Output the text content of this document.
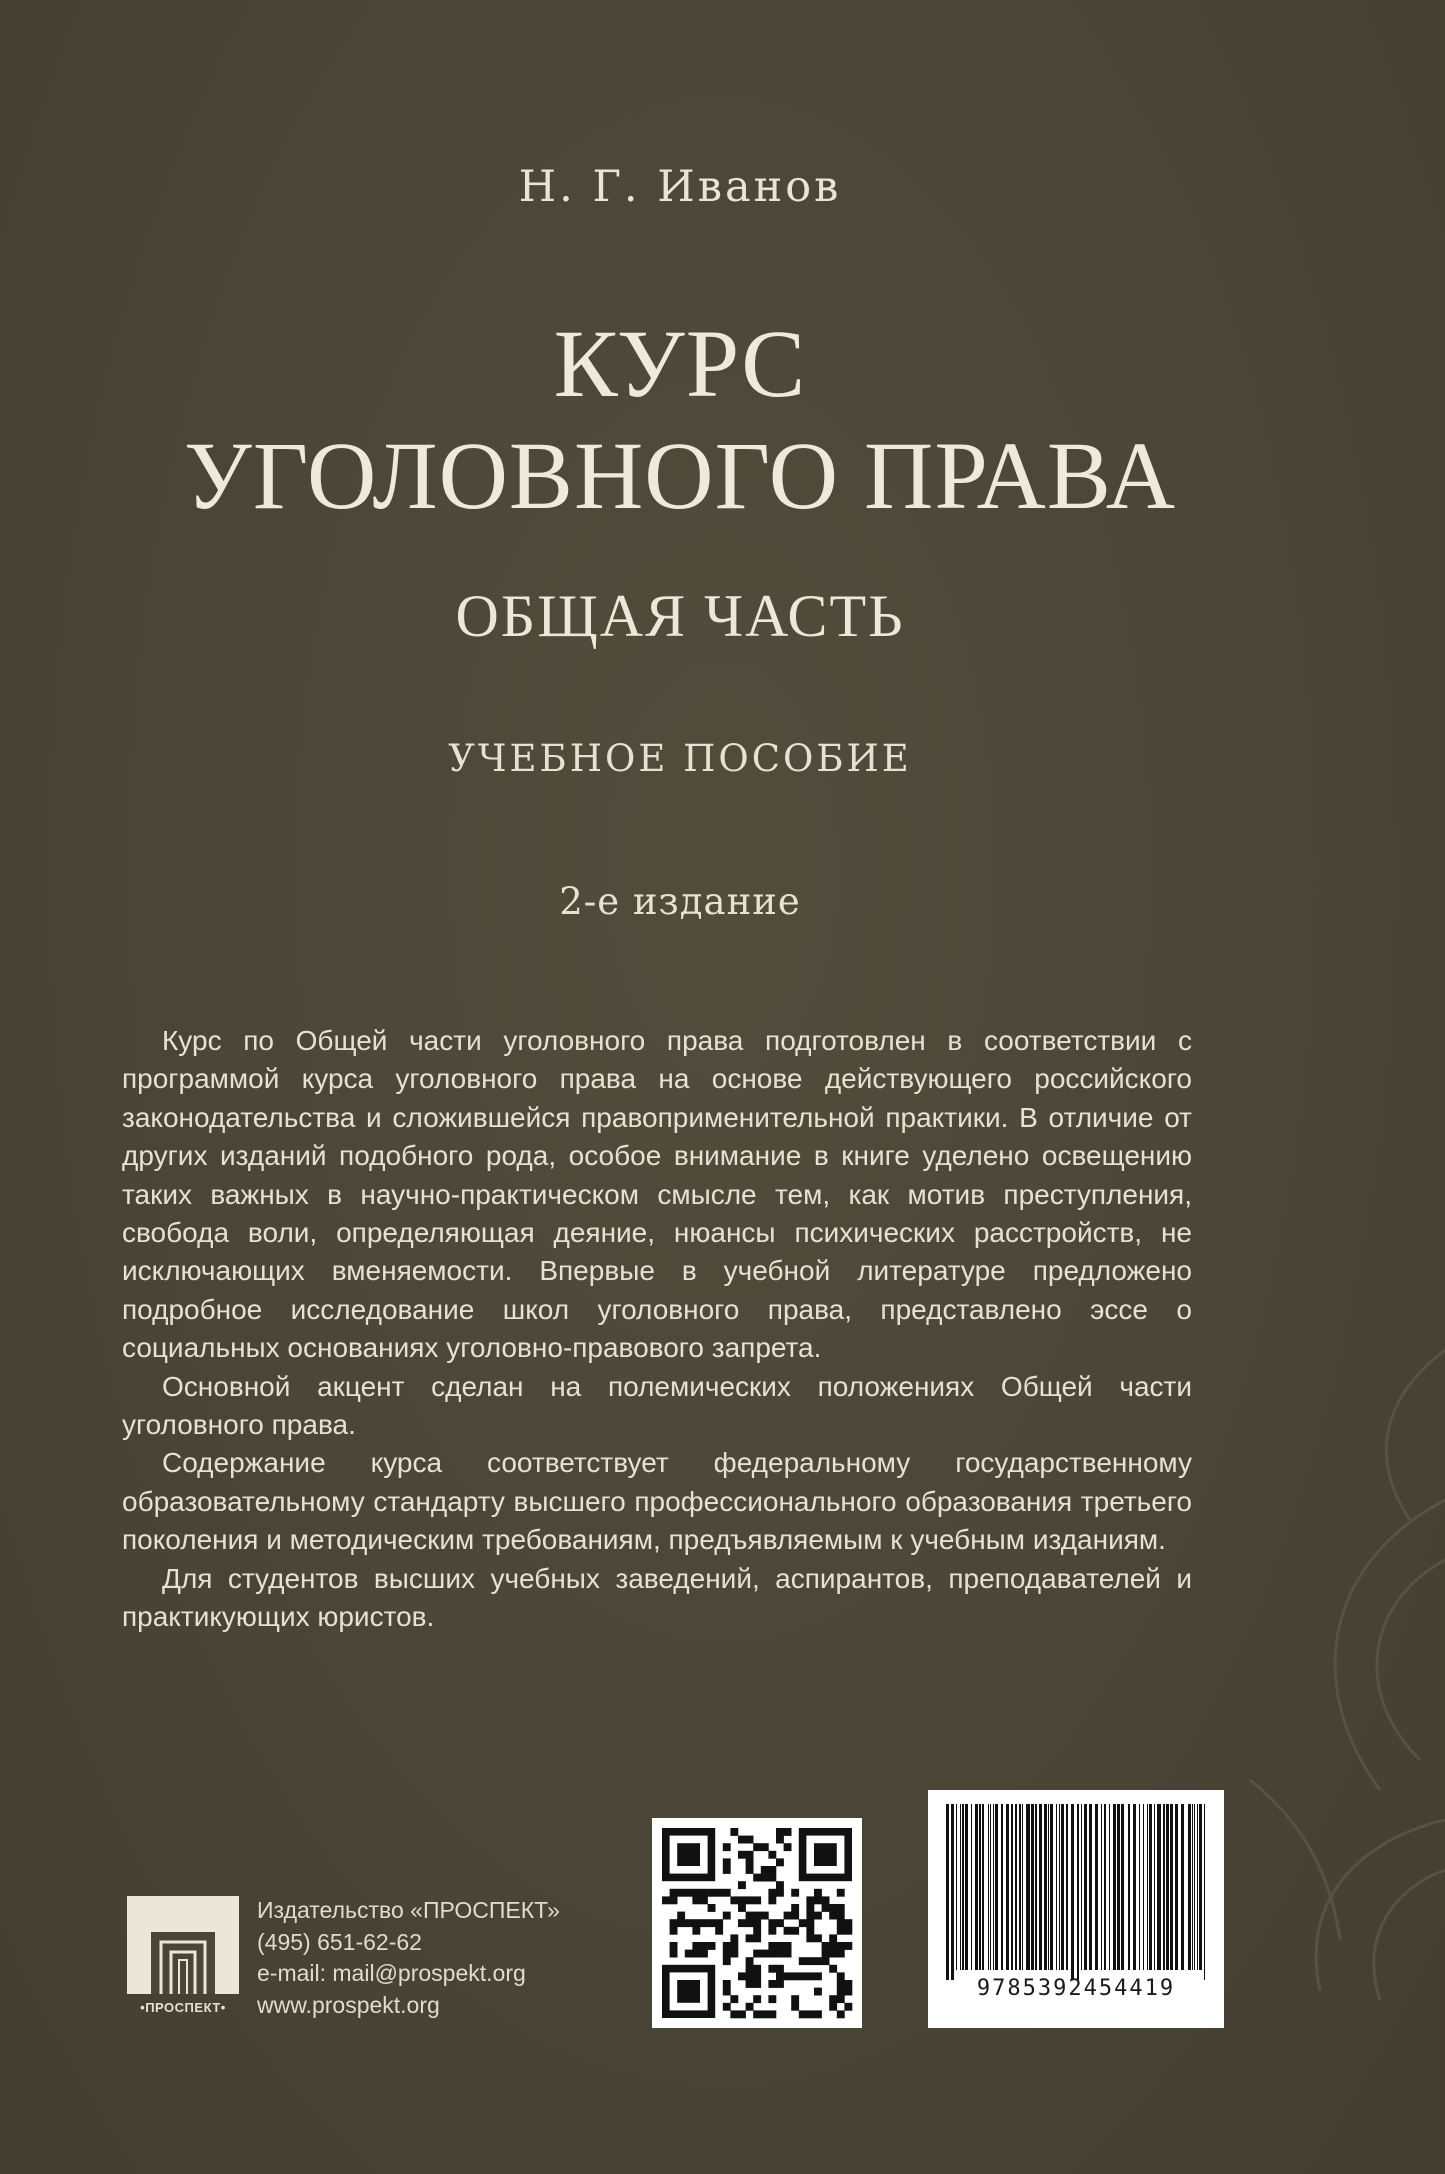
Н. Г. Иванов
КУРС
УГОЛОВНОГО ПРАВА
ОБЩАЯ ЧАСТЬ
УЧЕБНОЕ ПОСОБИЕ
2-е издание

Курс по Общей части уголовного права подготовлен в соответствии с программой курса уголовного права на основе действующего российского законодательства и сложившейся правоприменительной практики. В отличие от других изданий подобного рода, особое внимание в книге уделено освещению таких важных в научно-практическом смысле тем, как мотив преступления, свобода воли, определяющая деяние, нюансы психических расстройств, не исключающих вменяемости. Впервые в учебной литературе предложено подробное исследование школ уголовного права, представлено эссе о социальных основаниях уголовно-правового запрета.

Основной акцент сделан на полемических положениях Общей части уголовного права.

Содержание курса соответствует федеральному государственному образовательному стандарту высшего профессионального образования третьего поколения и методическим требованиям, предъявляемым к учебным изданиям.

Для студентов высших учебных заведений, аспирантов, преподавателей и практикующих юристов.

•ПРОСПЕКТ•
Издательство «ПРОСПЕКТ»
(495) 651-62-62
e-mail: mail@prospekt.org
www.prospekt.org
9785392454419
